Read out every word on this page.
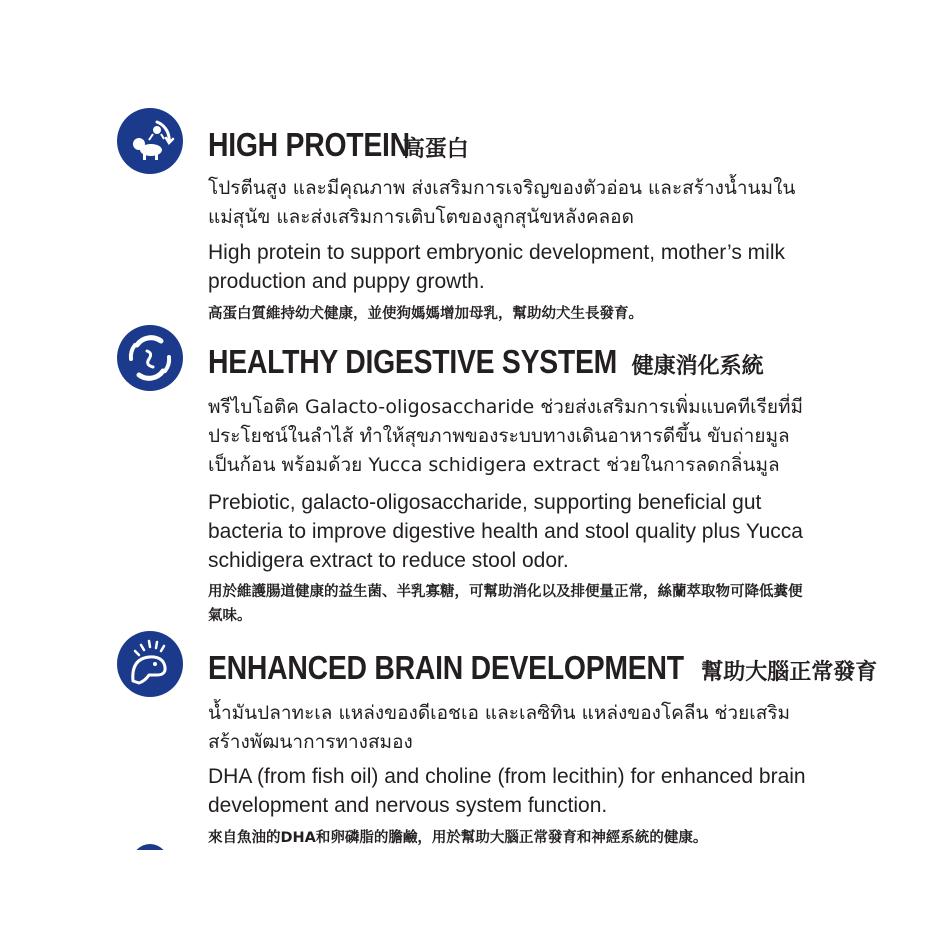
HIGH PROTEIN
高蛋白
โปรตีนสูง และมีคุณภาพ ส่งเสริมการเจริญของตัวอ่อน และสร้างน้ำนมในแม่สุนัข และส่งเสริมการเติบโตของลูกสุนัขหลังคลอด
High protein to support embryonic development, mother’s milk production and puppy growth.
高蛋白質維持幼犬健康，並使狗媽媽增加母乳，幫助幼犬生長發育。
HEALTHY DIGESTIVE SYSTEM 健康消化系統
พรีไบโอติค Galacto-oligosaccharide ช่วยส่งเสริมการเพิ่มแบคทีเรียที่มีประโยชน์ในลำไส้ ทำให้สุขภาพของระบบทางเดินอาหารดีขึ้น ขับถ่ายมูลเป็นก้อน พร้อมด้วย Yucca schidigera extract ช่วยในการลดกลิ่นมูล
Prebiotic, galacto-oligosaccharide, supporting beneficial gut bacteria to improve digestive health and stool quality plus Yucca schidigera extract to reduce stool odor.
用於維護腸道健康的益生菌、半乳寡糖，可幫助消化以及排便量正常，絲蘭萃取物可降低糞便氣味。
ENHANCED BRAIN DEVELOPMENT 幫助大腦正常發育
น้ำมันปลาทะเล แหล่งของดีเอชเอ และเลซิทิน แหล่งของโคลีน ช่วยเสริมสร้างพัฒนาการทางสมอง
DHA (from fish oil) and choline (from lecithin) for enhanced brain development and nervous system function.
來自魚油的DHA和卵磷脂的膽鹼，用於幫助大腦正常發育和神經系統的健康。
